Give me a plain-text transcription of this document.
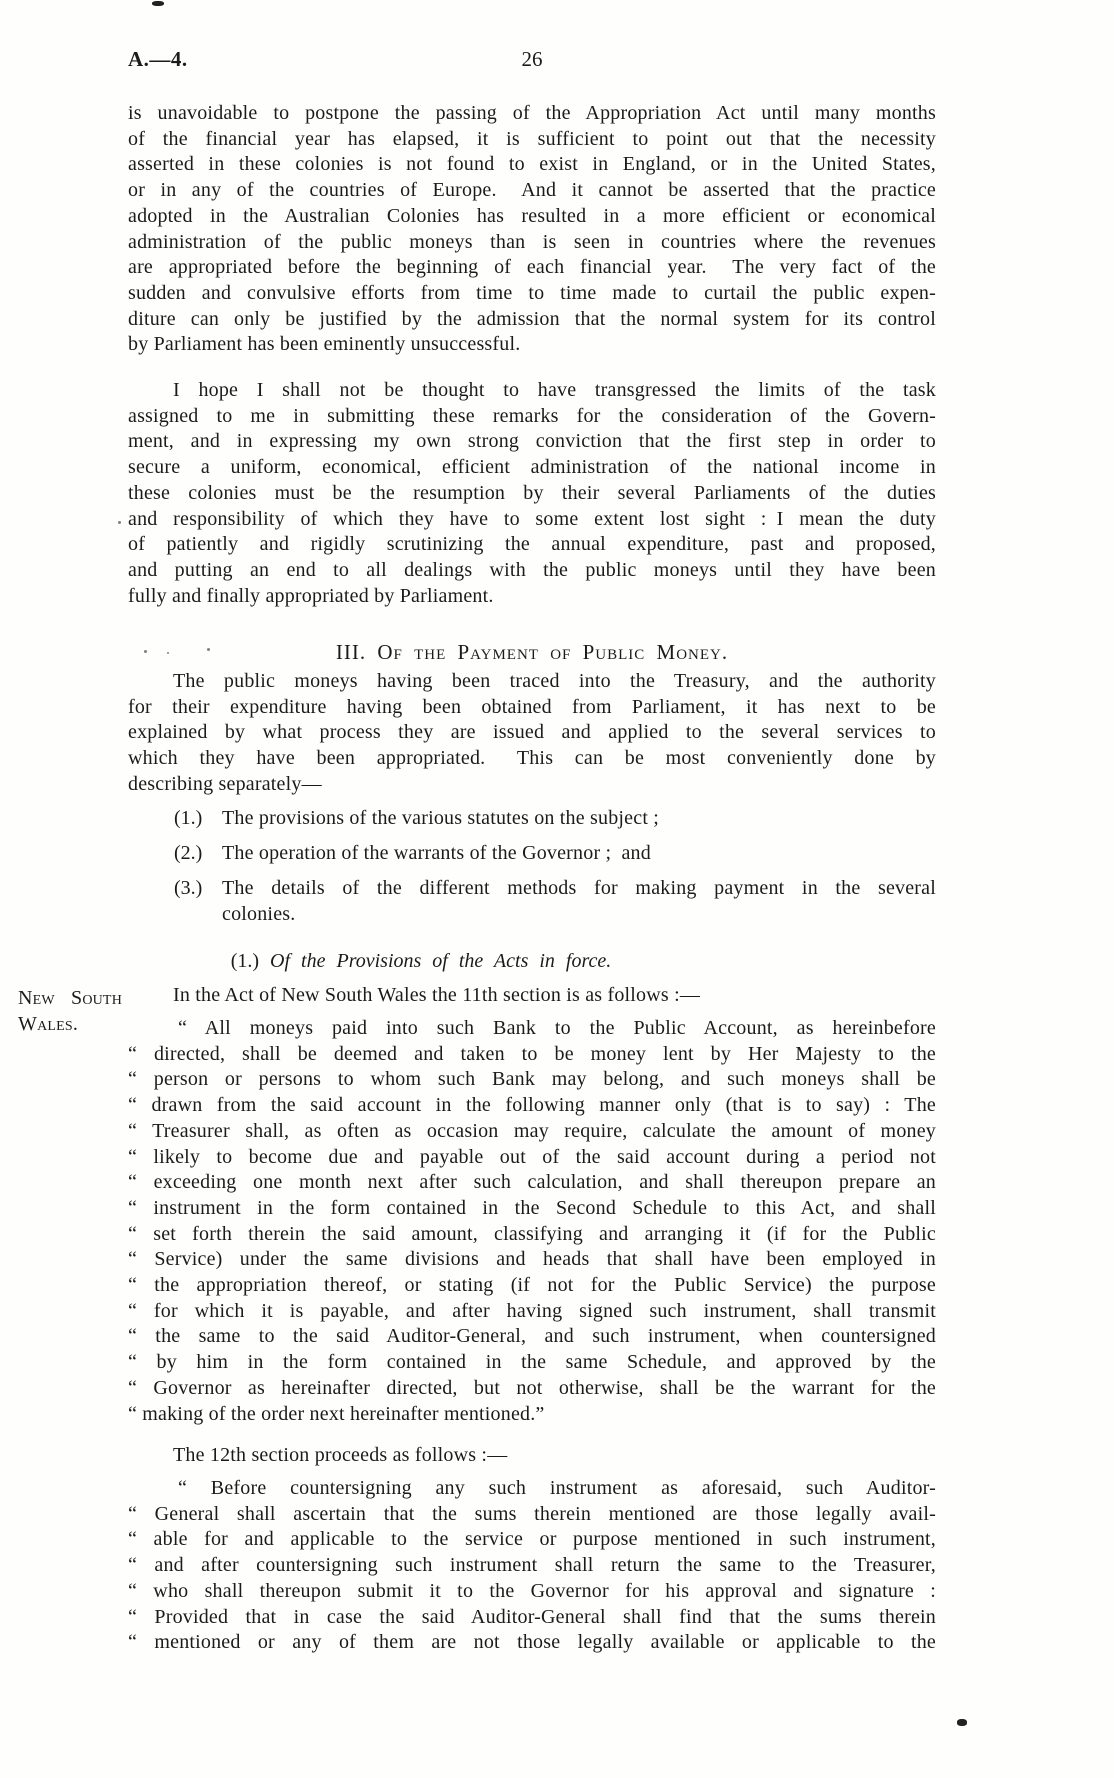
A.—4.	26
is unavoidable to postpone the passing of the Appropriation Act until many months
of the financial year has elapsed, it is sufficient to point out that the necessity
asserted in these colonies is not found to exist in England, or in the United States,
or in any of the countries of Europe.  And it cannot be asserted that the practice
adopted in the Australian Colonies has resulted in a more efficient or economical
administration of the public moneys than is seen in countries where the revenues
are appropriated before the beginning of each financial year.  The very fact of the
sudden and convulsive efforts from time to time made to curtail the public expen-
diture can only be justified by the admission that the normal system for its control
by Parliament has been eminently unsuccessful.
I hope I shall not be thought to have transgressed the limits of the task
assigned to me in submitting these remarks for the consideration of the Govern-
ment, and in expressing my own strong conviction that the first step in order to
secure a uniform, economical, efficient administration of the national income in
these colonies must be the resumption by their several Parliaments of the duties
and responsibility of which they have to some extent lost sight : I mean the duty
of patiently and rigidly scrutinizing the annual expenditure, past and proposed,
and putting an end to all dealings with the public moneys until they have been
fully and finally appropriated by Parliament.
III. Of the Payment of Public Money.
The public moneys having been traced into the Treasury, and the authority
for their expenditure having been obtained from Parliament, it has next to be
explained by what process they are issued and applied to the several services to
which they have been appropriated.  This can be most conveniently done by
describing separately—
(1.) The provisions of the various statutes on the subject ;
(2.) The operation of the warrants of the Governor ; and
(3.) The details of the different methods for making payment in the several
colonies.
(1.) Of the Provisions of the Acts in force.
New South
Wales.
In the Act of New South Wales the 11th section is as follows :—
“ All moneys paid into such Bank to the Public Account, as hereinbefore
“ directed, shall be deemed and taken to be money lent by Her Majesty to the
“ person or persons to whom such Bank may belong, and such moneys shall be
“ drawn from the said account in the following manner only (that is to say) : The
“ Treasurer shall, as often as occasion may require, calculate the amount of money
“ likely to become due and payable out of the said account during a period not
“ exceeding one month next after such calculation, and shall thereupon prepare an
“ instrument in the form contained in the Second Schedule to this Act, and shall
“ set forth therein the said amount, classifying and arranging it (if for the Public
“ Service) under the same divisions and heads that shall have been employed in
“ the appropriation thereof, or stating (if not for the Public Service) the purpose
“ for which it is payable, and after having signed such instrument, shall transmit
“ the same to the said Auditor-General, and such instrument, when countersigned
“ by him in the form contained in the same Schedule, and approved by the
“ Governor as hereinafter directed, but not otherwise, shall be the warrant for the
“ making of the order next hereinafter mentioned.”
The 12th section proceeds as follows :—
“ Before countersigning any such instrument as aforesaid, such Auditor-
“ General shall ascertain that the sums therein mentioned are those legally avail-
“ able for and applicable to the service or purpose mentioned in such instrument,
“ and after countersigning such instrument shall return the same to the Treasurer,
“ who shall thereupon submit it to the Governor for his approval and signature :
“ Provided that in case the said Auditor-General shall find that the sums therein
“ mentioned or any of them are not those legally available or applicable to the
